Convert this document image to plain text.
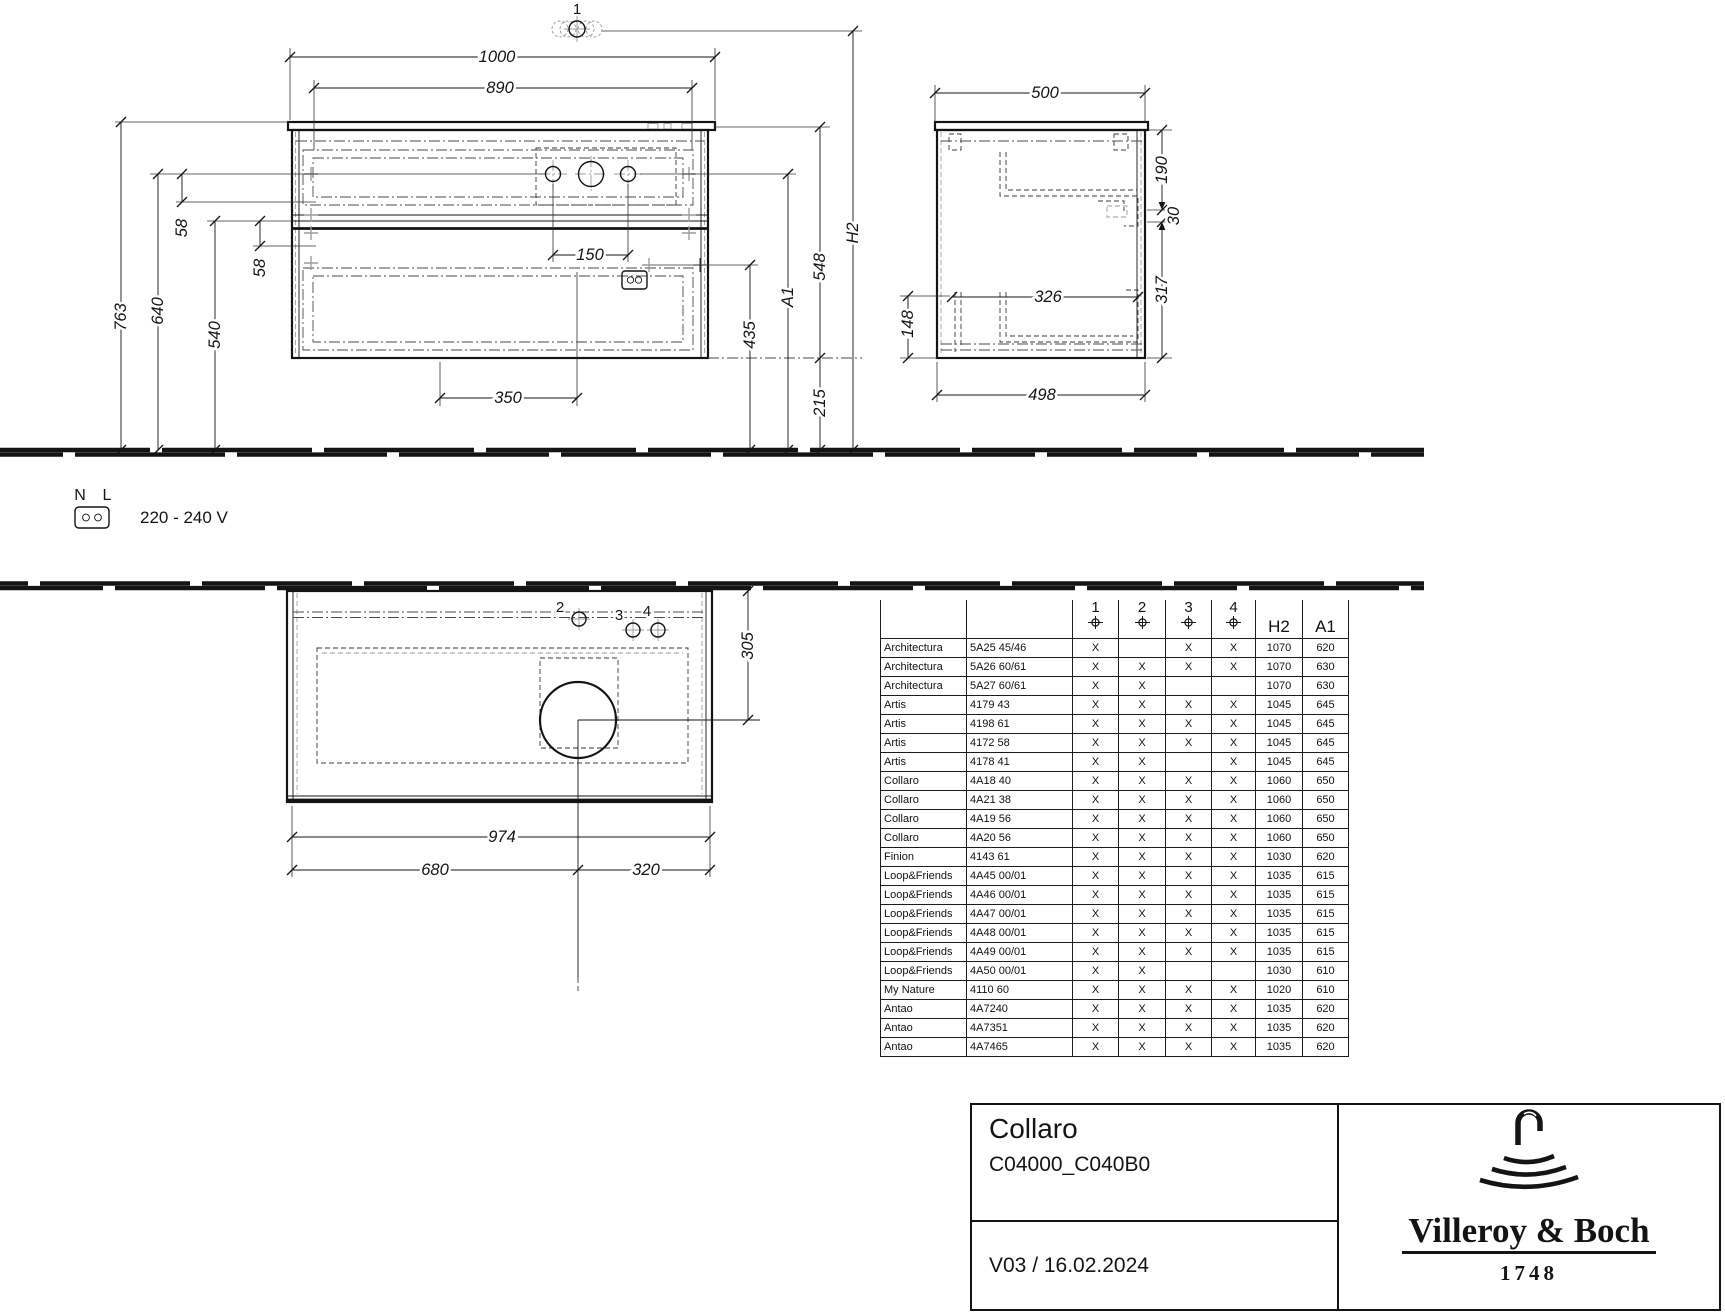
1
1000
890
150
350
763 640
540
58
58
435
A1
548
215
H2
500
498
326
148
190
30
317
N L
220 - 240 V
2	3 4
305
974
680	320

		1	2	3	4	H2	A1
Architectura	5A25 45/46	X		X	X	1070	620
Architectura	5A26 60/61	X	X	X	X	1070	630
Architectura	5A27 60/61	X	X			1070	630
Artis	4179 43	X	X	X	X	1045	645
Artis	4198 61	X	X	X	X	1045	645
Artis	4172 58	X	X	X	X	1045	645
Artis	4178 41	X	X		X	1045	645
Collaro	4A18 40	X	X	X	X	1060	650
Collaro	4A21 38	X	X	X	X	1060	650
Collaro	4A19 56	X	X	X	X	1060	650
Collaro	4A20 56	X	X	X	X	1060	650
Finion	4143 61	X	X	X	X	1030	620
Loop&Friends	4A45 00/01	X	X	X	X	1035	615
Loop&Friends	4A46 00/01	X	X	X	X	1035	615
Loop&Friends	4A47 00/01	X	X	X	X	1035	615
Loop&Friends	4A48 00/01	X	X	X	X	1035	615
Loop&Friends	4A49 00/01	X	X	X	X	1035	615
Loop&Friends	4A50 00/01	X	X			1030	610
My Nature	4110 60	X	X	X	X	1020	610
Antao	4A7240	X	X	X	X	1035	620
Antao	4A7351	X	X	X	X	1035	620
Antao	4A7465	X	X	X	X	1035	620
Collaro
C04000_C040B0
V03 / 16.02.2024
Villeroy & Boch
1748
